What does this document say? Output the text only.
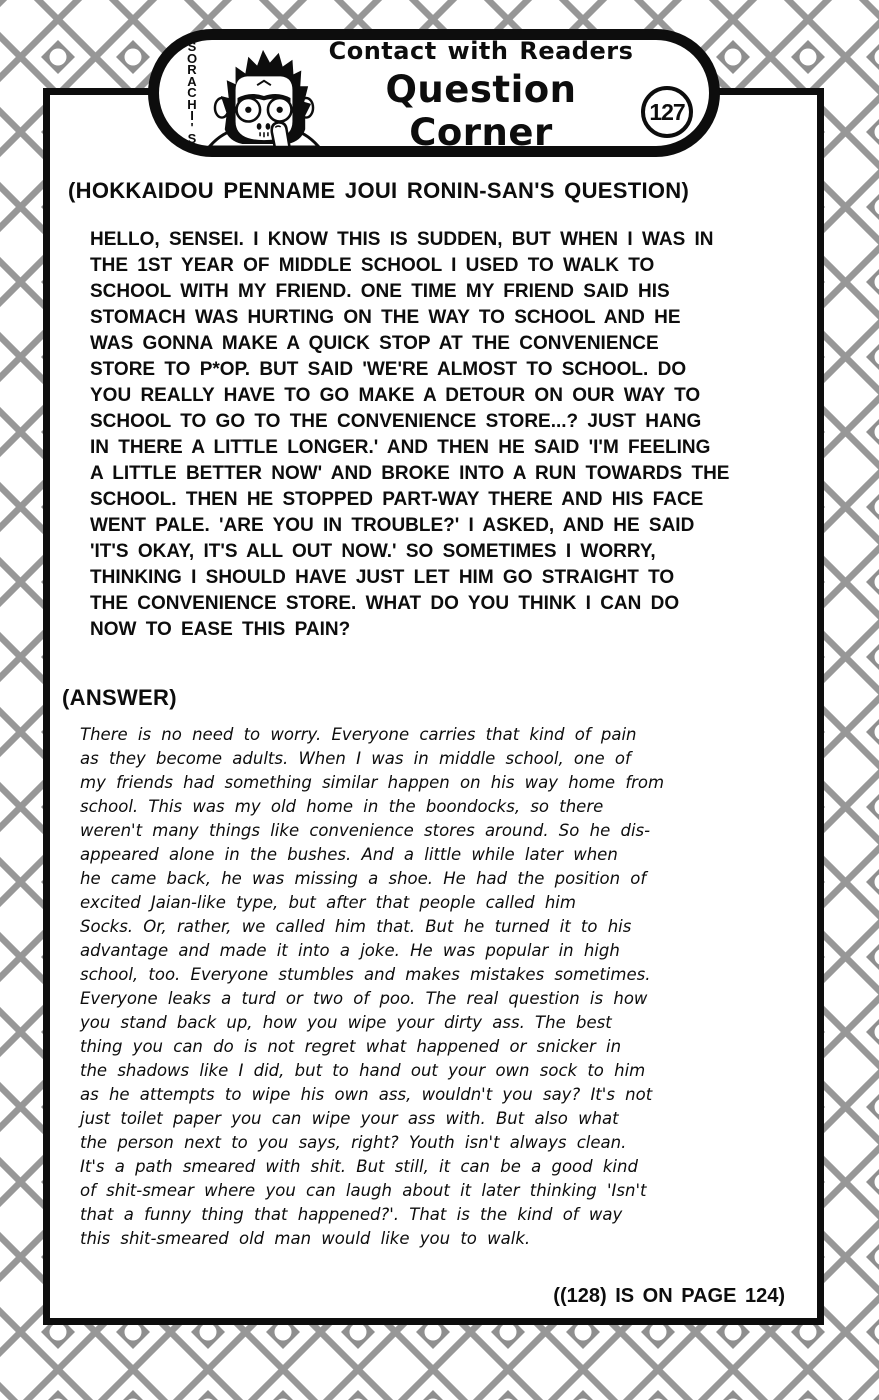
(HOKKAIDOU PENNAME JOUI RONIN-SAN'S QUESTION)
HELLO, SENSEI. I KNOW THIS IS SUDDEN, BUT WHEN I WAS IN
THE 1ST YEAR OF MIDDLE SCHOOL I USED TO WALK TO
SCHOOL WITH MY FRIEND. ONE TIME MY FRIEND SAID HIS
STOMACH WAS HURTING ON THE WAY TO SCHOOL AND HE
WAS GONNA MAKE A QUICK STOP AT THE CONVENIENCE
STORE TO P*OP. BUT SAID 'WE'RE ALMOST TO SCHOOL. DO
YOU REALLY HAVE TO GO MAKE A DETOUR ON OUR WAY TO
SCHOOL TO GO TO THE CONVENIENCE STORE...? JUST HANG
IN THERE A LITTLE LONGER.' AND THEN HE SAID 'I'M FEELING
A LITTLE BETTER NOW' AND BROKE INTO A RUN TOWARDS THE
SCHOOL. THEN HE STOPPED PART-WAY THERE AND HIS FACE
WENT PALE. 'ARE YOU IN TROUBLE?' I ASKED, AND HE SAID
'IT'S OKAY, IT'S ALL OUT NOW.' SO SOMETIMES I WORRY,
THINKING I SHOULD HAVE JUST LET HIM GO STRAIGHT TO
THE CONVENIENCE STORE. WHAT DO YOU THINK I CAN DO
NOW TO EASE THIS PAIN?
(ANSWER)
There is no need to worry. Everyone carries that kind of pain
as they become adults. When I was in middle school, one of
my friends had something similar happen on his way home from
school. This was my old home in the boondocks, so there
weren't many things like convenience stores around. So he dis-
appeared alone in the bushes. And a little while later when
he came back, he was missing a shoe. He had the position of
excited Jaian-like type, but after that people called him
Socks. Or, rather, we called him that. But he turned it to his
advantage and made it into a joke. He was popular in high
school, too. Everyone stumbles and makes mistakes sometimes.
Everyone leaks a turd or two of poo. The real question is how
you stand back up, how you wipe your dirty ass. The best
thing you can do is not regret what happened or snicker in
the shadows like I did, but to hand out your own sock to him
as he attempts to wipe his own ass, wouldn't you say? It's not
just toilet paper you can wipe your ass with. But also what
the person next to you says, right? Youth isn't always clean.
It's a path smeared with shit. But still, it can be a good kind
of shit-smear where you can laugh about it later thinking 'Isn't
that a funny thing that happened?'. That is the kind of way
this shit-smeared old man would like you to walk.
((128) IS ON PAGE 124)
S
O
R
A
C
H
I
'
S
Contact with Readers
Question Corner	127
